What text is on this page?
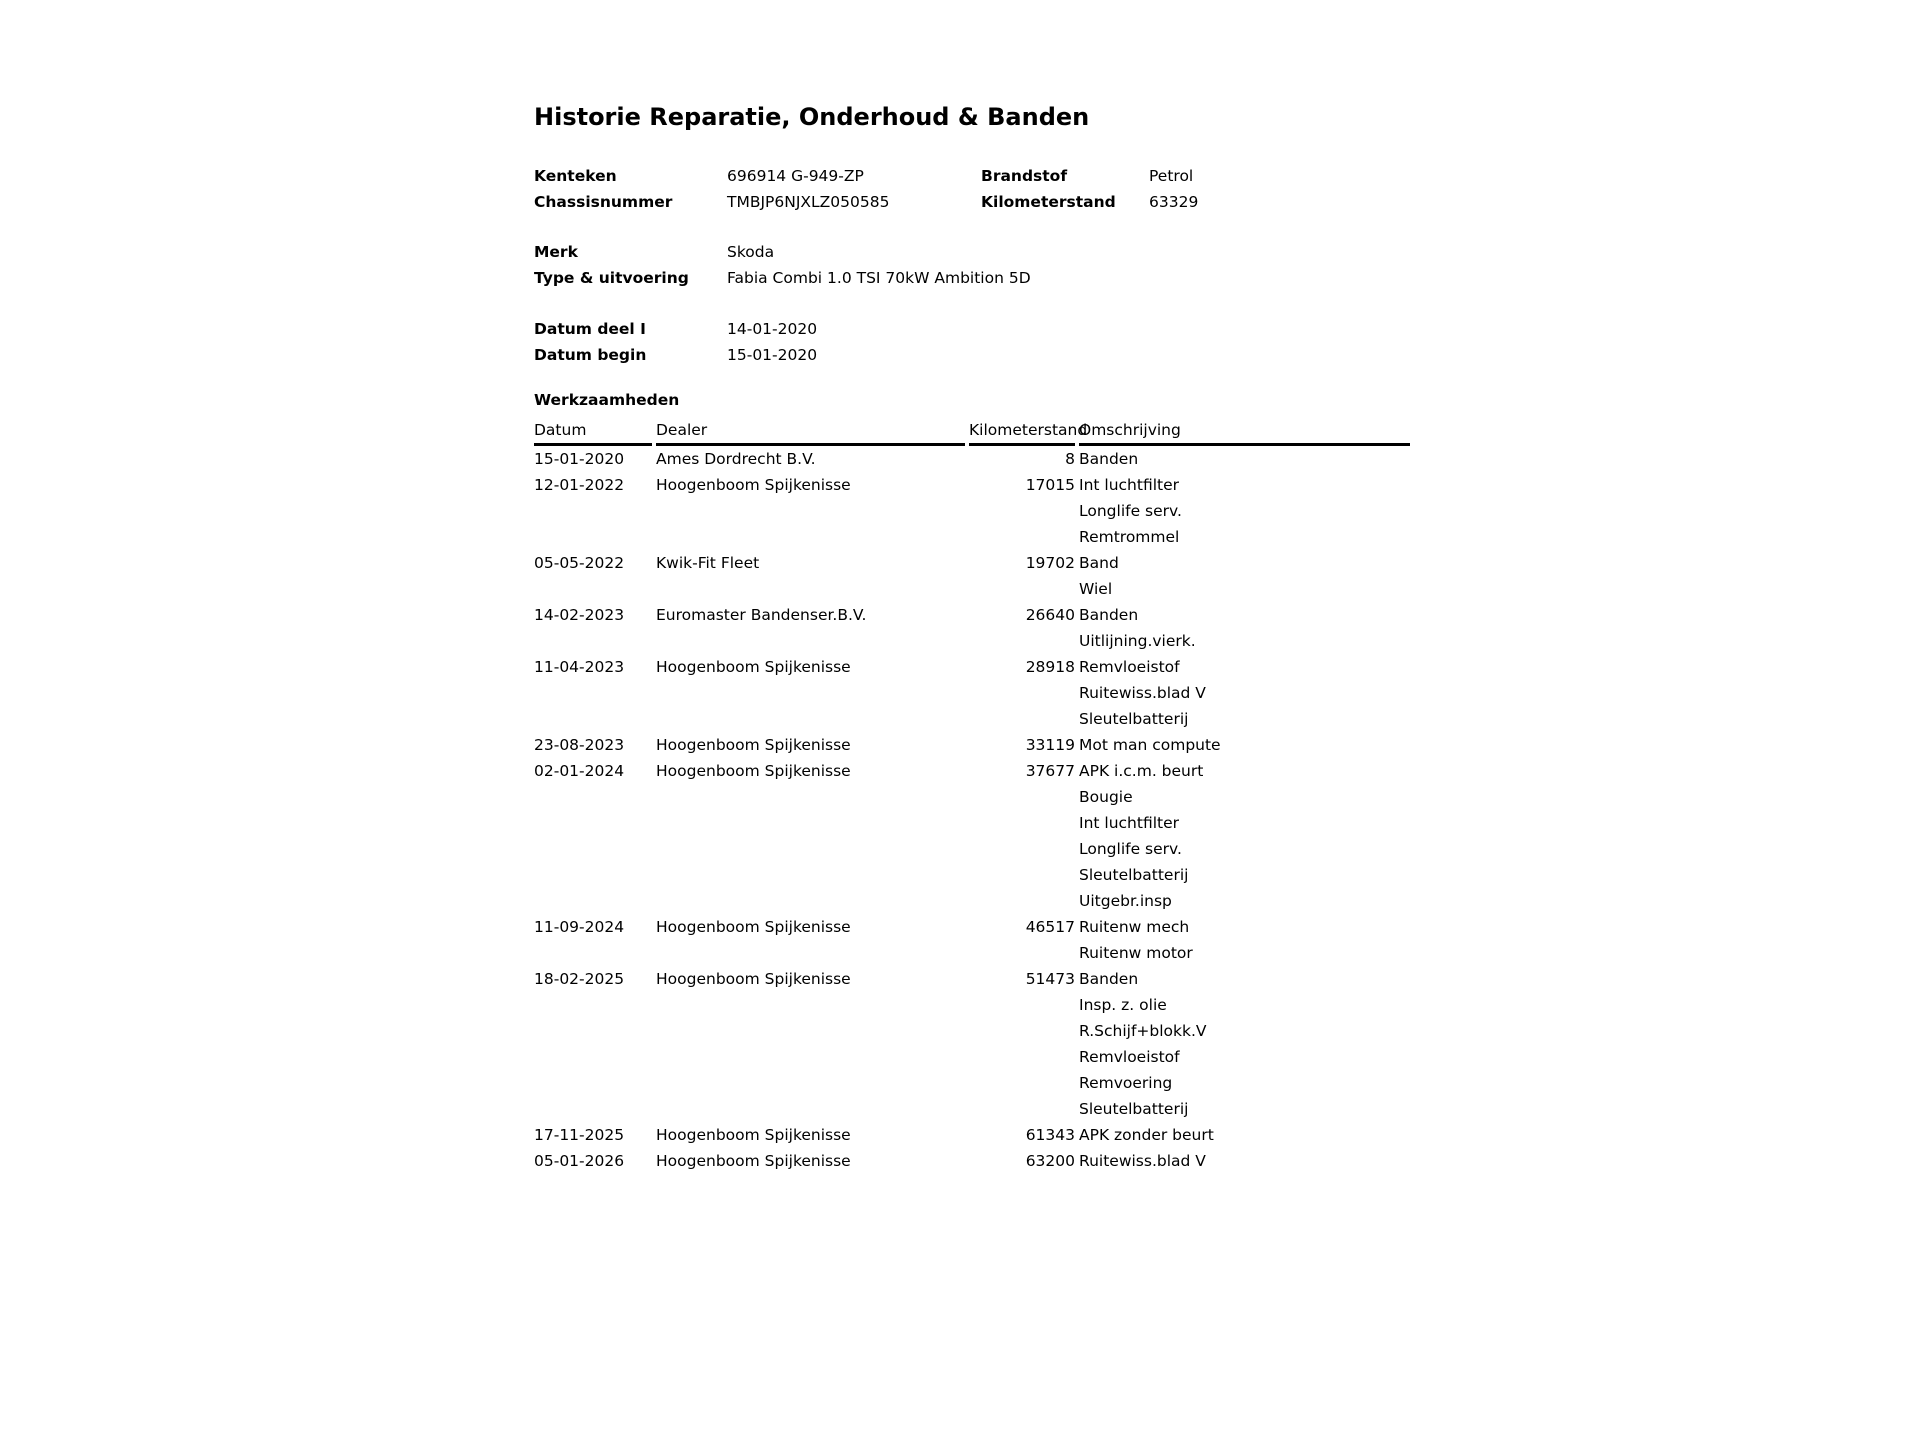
Historie Reparatie, Onderhoud & Banden
Kenteken	696914 G-949-ZP	Brandstof	Petrol
Chassisnummer	TMBJP6NJXLZ050585	Kilometerstand	63329
Merk	Skoda
Type & uitvoering	Fabia Combi 1.0 TSI 70kW Ambition 5D
Datum deel I	14-01-2020
Datum begin	15-01-2020
Werkzaamheden
Datum	Dealer	Kilometerstand	Omschrijving
15-01-2020	Ames Dordrecht B.V.	8	Banden
12-01-2022	Hoogenboom Spijkenisse	17015	Int luchtfilter
			Longlife serv.
			Remtrommel
05-05-2022	Kwik-Fit Fleet	19702	Band
			Wiel
14-02-2023	Euromaster Bandenser.B.V.	26640	Banden
			Uitlijning.vierk.
11-04-2023	Hoogenboom Spijkenisse	28918	Remvloeistof
			Ruitewiss.blad V
			Sleutelbatterij
23-08-2023	Hoogenboom Spijkenisse	33119	Mot man compute
02-01-2024	Hoogenboom Spijkenisse	37677	APK i.c.m. beurt
			Bougie
			Int luchtfilter
			Longlife serv.
			Sleutelbatterij
			Uitgebr.insp
11-09-2024	Hoogenboom Spijkenisse	46517	Ruitenw mech
			Ruitenw motor
18-02-2025	Hoogenboom Spijkenisse	51473	Banden
			Insp. z. olie
			R.Schijf+blokk.V
			Remvloeistof
			Remvoering
			Sleutelbatterij
17-11-2025	Hoogenboom Spijkenisse	61343	APK zonder beurt
05-01-2026	Hoogenboom Spijkenisse	63200	Ruitewiss.blad V
